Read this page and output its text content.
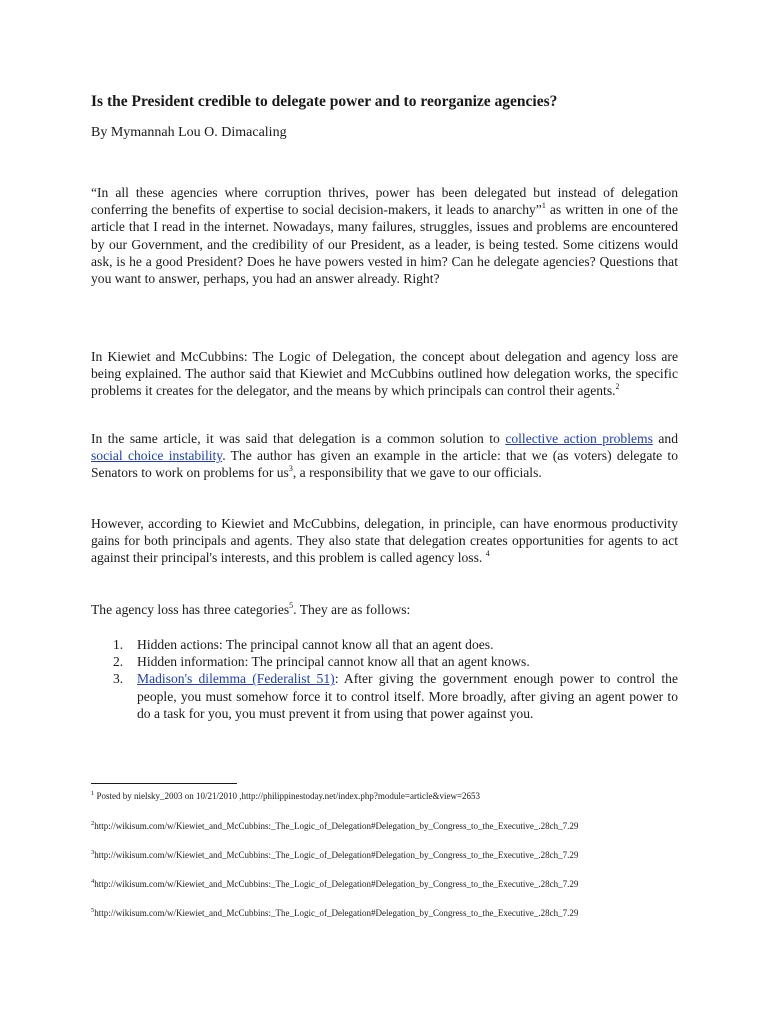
Is the President credible to delegate power and to reorganize agencies?

By Mymannah Lou O. Dimacaling

“In all these agencies where corruption thrives, power has been delegated but instead of delegation conferring the benefits of expertise to social decision-makers, it leads to anarchy”$^1$ as written in one of the article that I read in the internet. Nowadays, many failures, struggles, issues and problems are encountered by our Government, and the credibility of our President, as a leader, is being tested. Some citizens would ask, is he a good President? Does he have powers vested in him? Can he delegate agencies? Questions that you want to answer, perhaps, you had an answer already. Right?

In Kiewiet and McCubbins: The Logic of Delegation, the concept about delegation and agency loss are being explained. The author said that Kiewiet and McCubbins outlined how delegation works, the specific problems it creates for the delegator, and the means by which principals can control their agents.$^2$

In the same article, it was said that delegation is a common solution to collective action problems and social choice instability. The author has given an example in the article: that we (as voters) delegate to Senators to work on problems for $us^3$, a responsibility that we gave to our officials.

However, according to Kiewiet and McCubbins, delegation, in principle, can have enormous productivity gains for both principals and agents. They also state that delegation creates opportunities for agents to act against their principal's interests, and this problem is called agency loss. $^4$

The agency loss has three categories$^5$. They are as follows:

1. Hidden actions: The principal cannot know all that an agent does.
2. Hidden information: The principal cannot know all that an agent knows.
3. Madison's dilemma (Federalist 51): After giving the government enough power to control the people, you must somehow force it to control itself. More broadly, after giving an agent power to do a task for you, you must prevent it from using that power against you.

$^1$ Posted by nielsky_2003 on 10/21/2010 ,http://philippinestoday.net/index.php?module=article&view=2653

$^2$http://wikisum.com/w/Kiewiet_and_McCubbins:_The_Logic_of_Delegation#Delegation_by_Congress_to_the_Executive_.28ch_7.29

$^3$http://wikisum.com/w/Kiewiet_and_McCubbins:_The_Logic_of_Delegation#Delegation_by_Congress_to_the_Executive_.28ch_7.29

$^4$http://wikisum.com/w/Kiewiet_and_McCubbins:_The_Logic_of_Delegation#Delegation_by_Congress_to_the_Executive_.28ch_7.29

$^5$http://wikisum.com/w/Kiewiet_and_McCubbins:_The_Logic_of_Delegation#Delegation_by_Congress_to_the_Executive_.28ch_7.29
